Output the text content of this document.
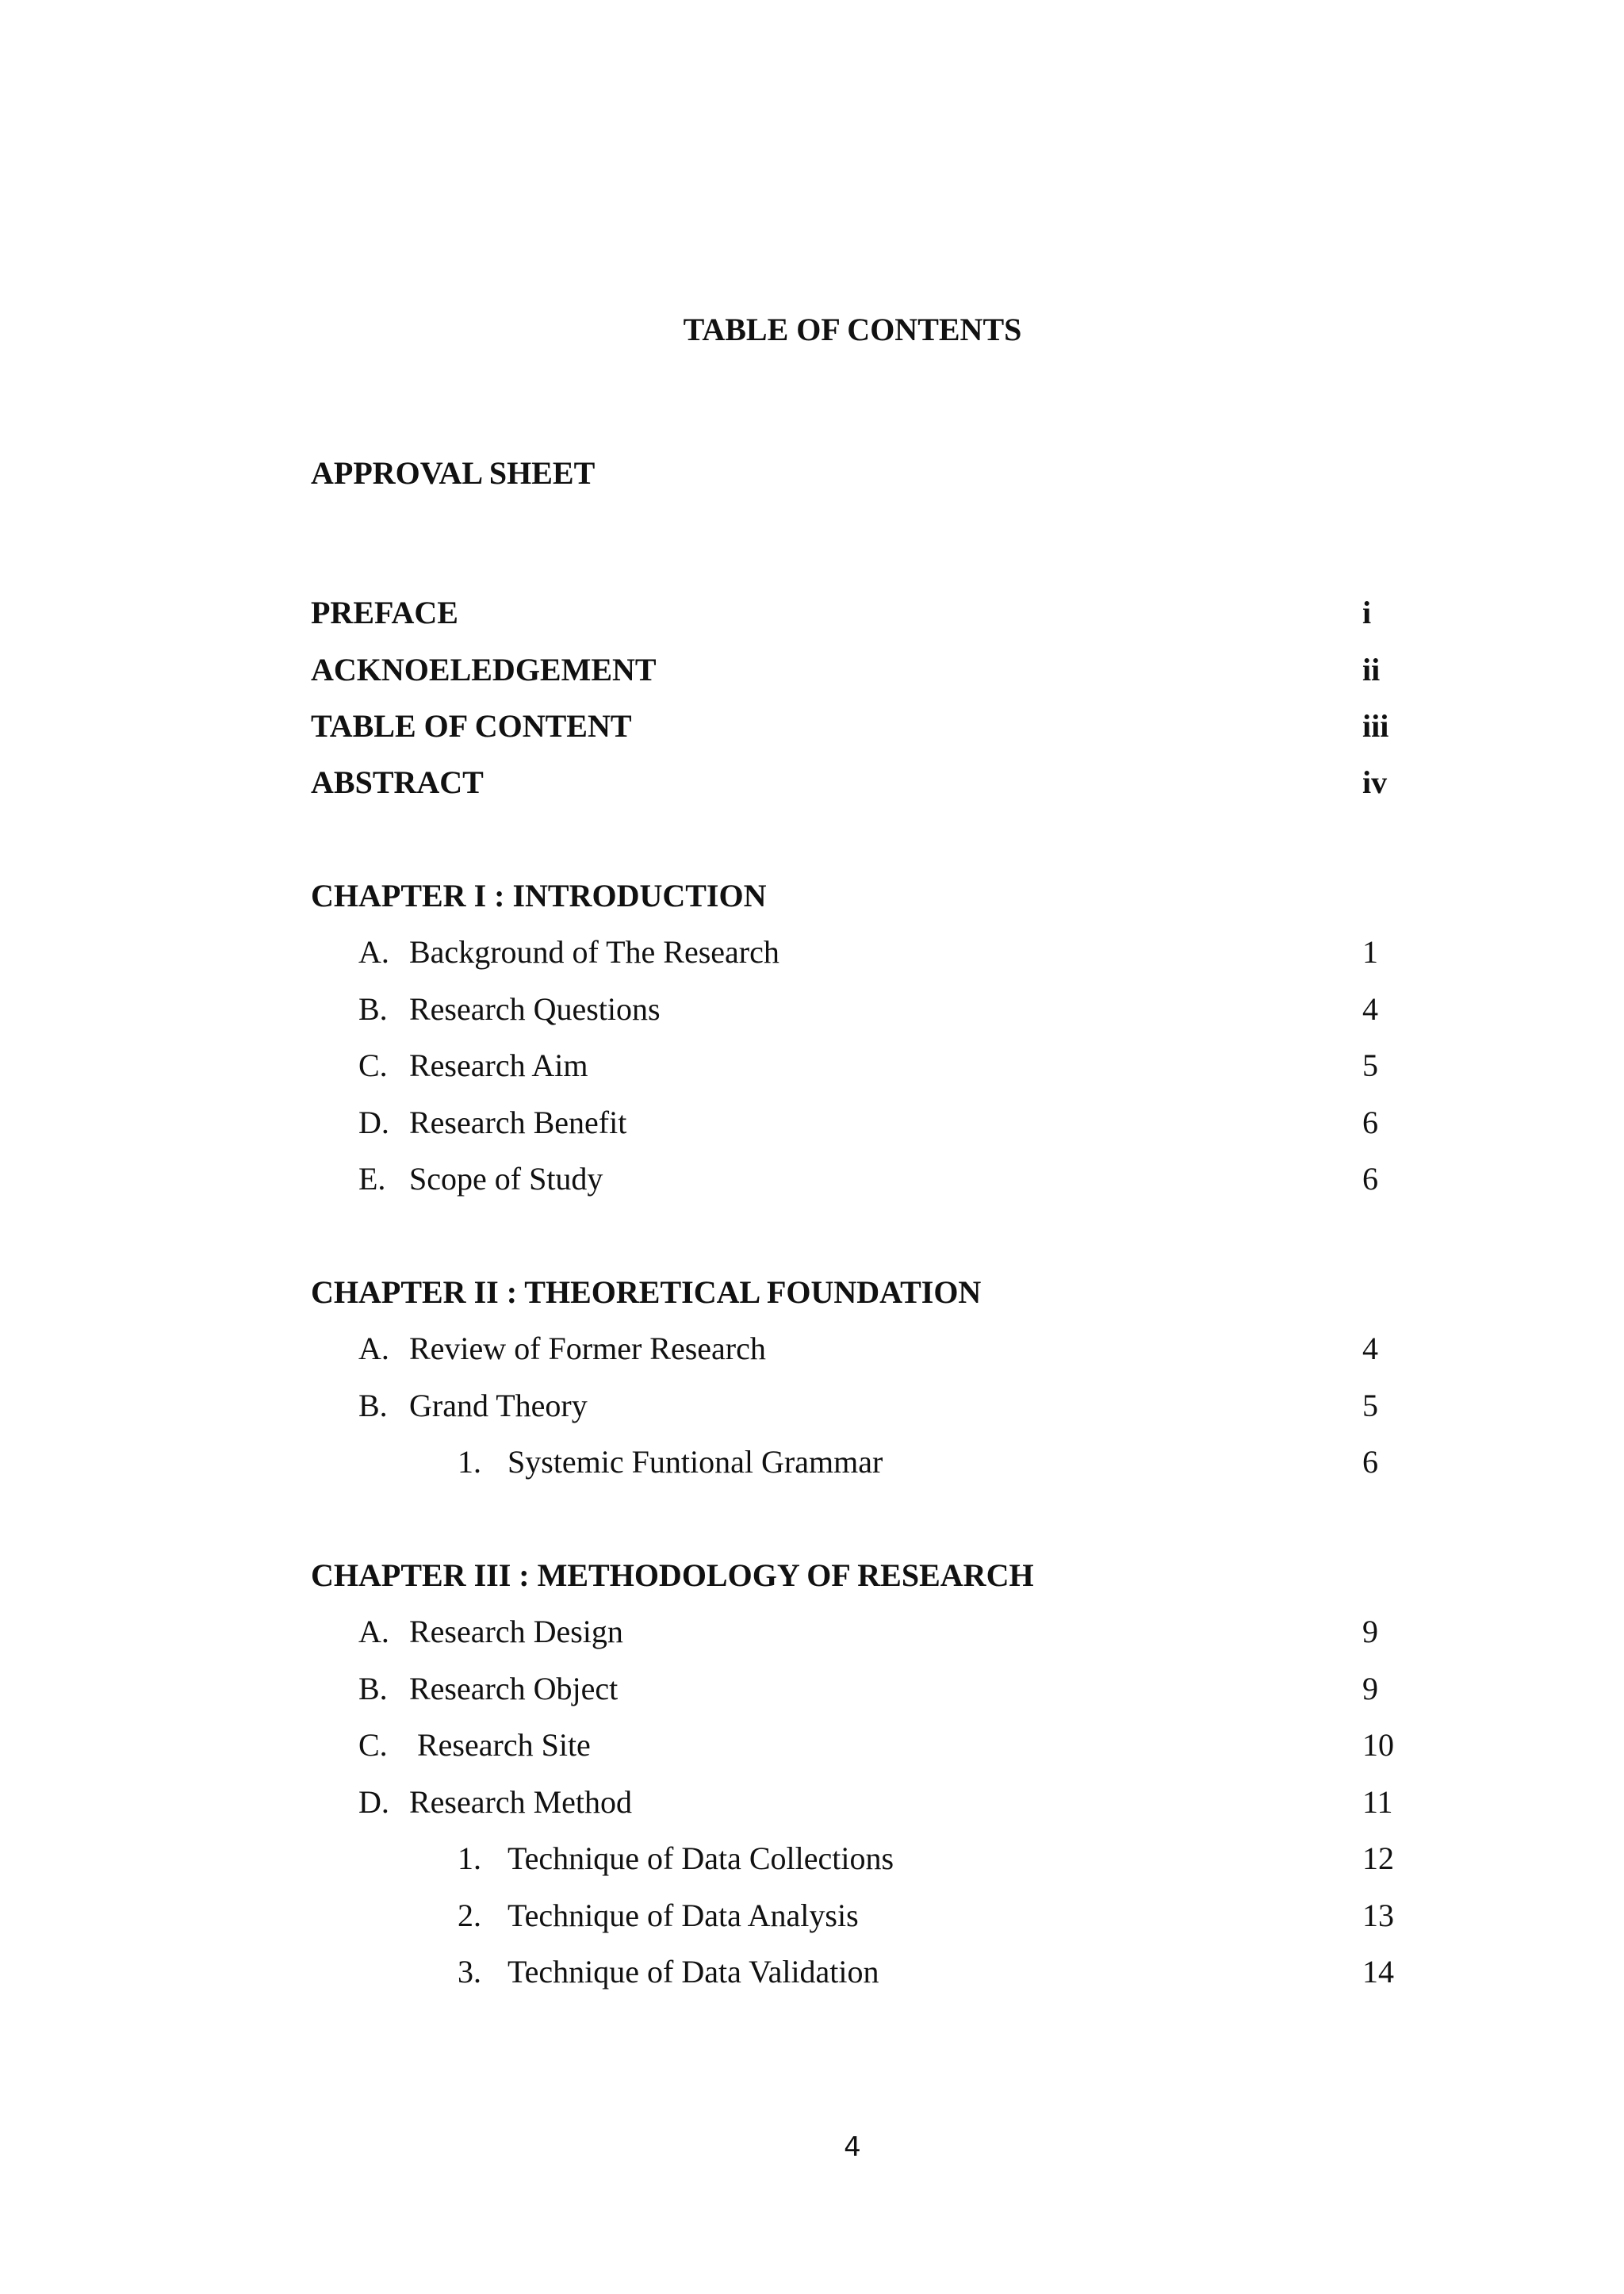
TABLE OF CONTENTS
APPROVAL SHEET
PREFACE	i
ACKNOELEDGEMENT	ii
TABLE OF CONTENT	iii
ABSTRACT	iv
CHAPTER I : INTRODUCTION
A. Background of The Research	1
B. Research Questions	4
C. Research Aim	5
D. Research Benefit	6
E. Scope of Study	6
CHAPTER II : THEORETICAL FOUNDATION
A. Review of Former Research	4
B. Grand Theory	5
1. Systemic Funtional Grammar	6
CHAPTER III : METHODOLOGY OF RESEARCH
A. Research Design	9
B. Research Object	9
C. Research Site	10
D. Research Method	11
1. Technique of Data Collections	12
2. Technique of Data Analysis	13
3. Technique of Data Validation	14
4
